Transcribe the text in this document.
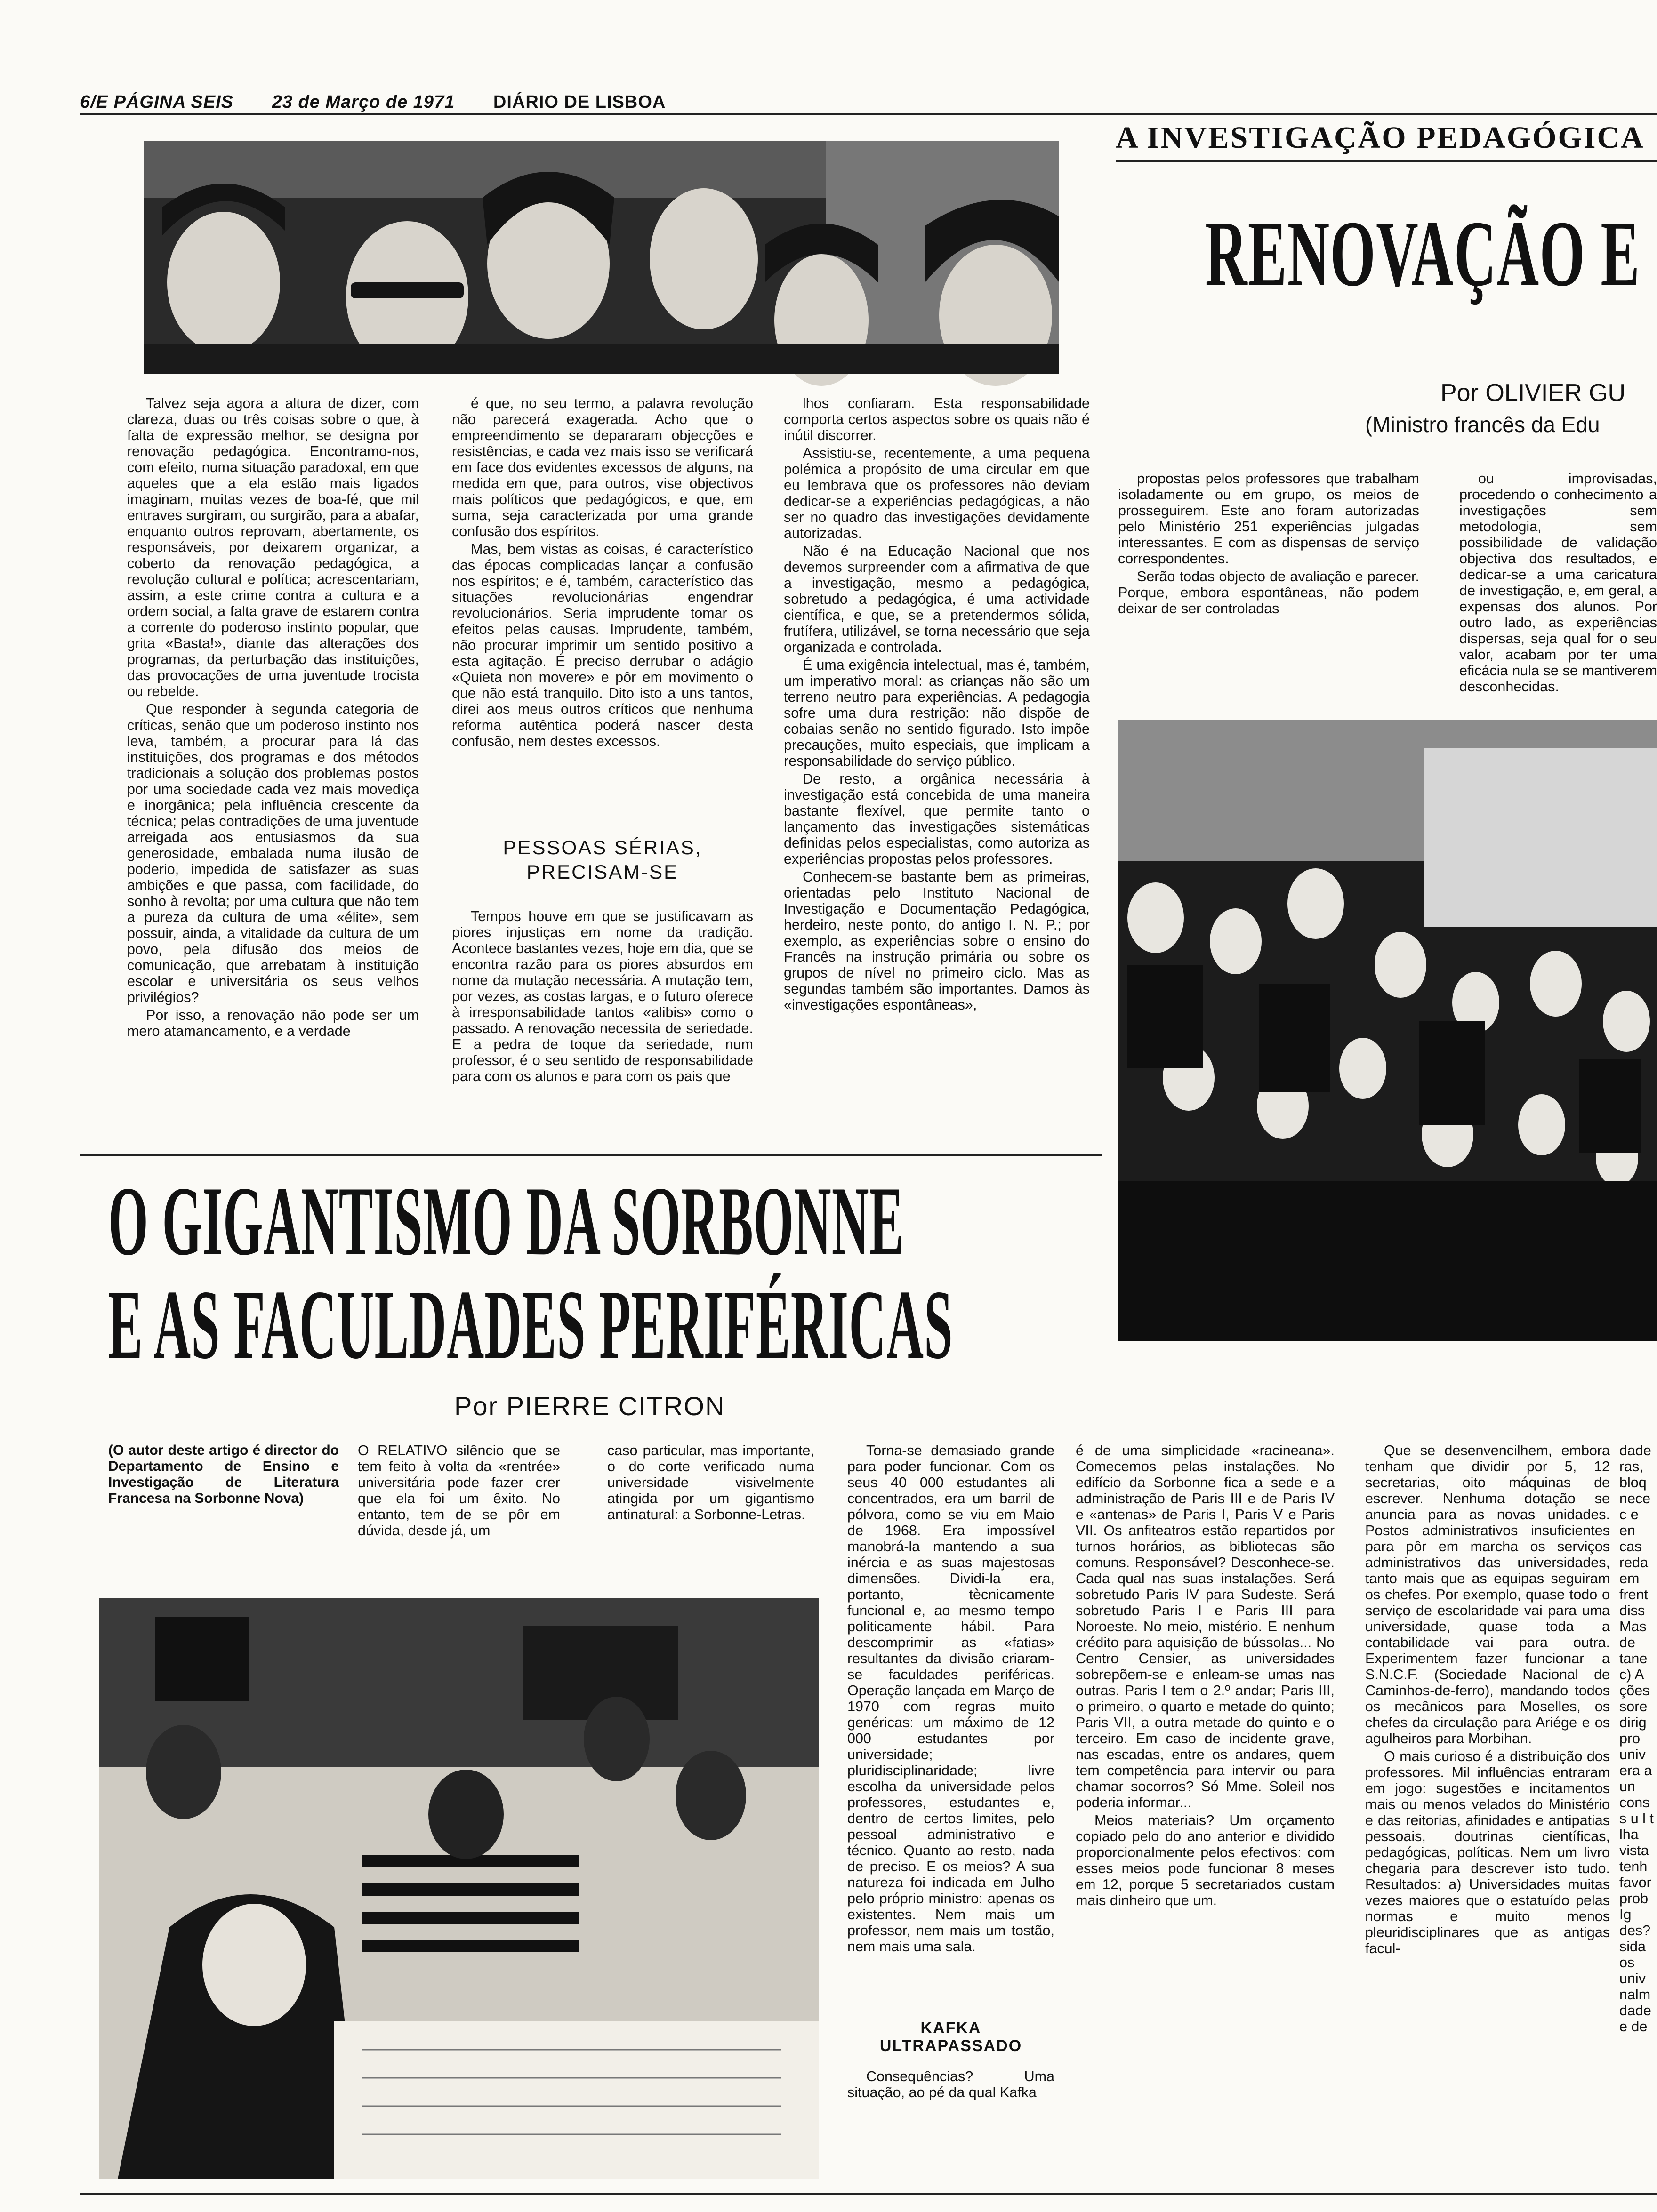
6/E PÁGINA SEIS 23 de Março de 1971 DIÁRIO DE LISBOA

Talvez seja agora a altura de dizer, com clareza, duas ou três coisas sobre o que, à falta de expressão melhor, se designa por renovação pedagógica. Encontramo-nos, com efeito, numa situação paradoxal, em que aqueles que a ela estão mais ligados imaginam, muitas vezes de boa-fé, que mil entraves surgiram, ou surgirão, para a abafar, enquanto outros reprovam, abertamente, os responsáveis, por deixarem organizar, a coberto da renovação pedagógica, a revolução cultural e política; acrescentariam, assim, a este crime contra a cultura e a ordem social, a falta grave de estarem contra a corrente do poderoso instinto popular, que grita «Basta!», diante das alterações dos programas, da perturbação das instituições, das provocações de uma juventude trocista ou rebelde.

Que responder à segunda categoria de críticas, senão que um poderoso instinto nos leva, também, a procurar para lá das instituições, dos programas e dos métodos tradicionais a solução dos problemas postos por uma sociedade cada vez mais movediça e inorgânica; pela influência crescente da técnica; pelas contradições de uma juventude arreigada aos entusiasmos da sua generosidade, embalada numa ilusão de poderio, impedida de satisfazer as suas ambições e que passa, com facilidade, do sonho à revolta; por uma cultura que não tem a pureza da cultura de uma «élite», sem possuir, ainda, a vitalidade da cultura de um povo, pela difusão dos meios de comunicação, que arrebatam à instituição escolar e universitária os seus velhos privilégios?

Por isso, a renovação não pode ser um mero atamancamento, e a verdade

é que, no seu termo, a palavra revolução não parecerá exagerada. Acho que o empreendimento se depararam objecções e resistências, e cada vez mais isso se verificará em face dos evidentes excessos de alguns, na medida em que, para outros, vise objectivos mais políticos que pedagógicos, e que, em suma, seja caracterizada por uma grande confusão dos espíritos.

Mas, bem vistas as coisas, é característico das épocas complicadas lançar a confusão nos espíritos; e é, também, característico das situações revolucionárias engendrar revolucionários. Seria imprudente tomar os efeitos pelas causas. Imprudente, também, não procurar imprimir um sentido positivo a esta agitação. É preciso derrubar o adágio «Quieta non movere» e pôr em movimento o que não está tranquilo. Dito isto a uns tantos, direi aos meus outros críticos que nenhuma reforma autêntica poderá nascer desta confusão, nem destes excessos.

PESSOAS SÉRIAS, PRECISAM-SE

Tempos houve em que se justificavam as piores injustiças em nome da tradição. Acontece bastantes vezes, hoje em dia, que se encontra razão para os piores absurdos em nome da mutação necessária. A mutação tem, por vezes, as costas largas, e o futuro oferece à irresponsabilidade tantos «alibis» como o passado. A renovação necessita de seriedade. E a pedra de toque da seriedade, num professor, é o seu sentido de responsabilidade para com os alunos e para com os pais que

lhos confiaram. Esta responsabilidade comporta certos aspectos sobre os quais não é inútil discorrer.

Assistiu-se, recentemente, a uma pequena polémica a propósito de uma circular em que eu lembrava que os professores não deviam dedicar-se a experiências pedagógicas, a não ser no quadro das investigações devidamente autorizadas.

Não é na Educação Nacional que nos devemos surpreender com a afirmativa de que a investigação, mesmo a pedagógica, sobretudo a pedagógica, é uma actividade científica, e que, se a pretendermos sólida, frutífera, utilizável, se torna necessário que seja organizada e controlada.

É uma exigência intelectual, mas é, também, um imperativo moral: as crianças não são um terreno neutro para experiências. A pedagogia sofre uma dura restrição: não dispõe de cobaias senão no sentido figurado. Isto impõe precauções, muito especiais, que implicam a responsabilidade do serviço público.

De resto, a orgânica necessária à investigação está concebida de uma maneira bastante flexível, que permite tanto o lançamento das investigações sistemáticas definidas pelos especialistas, como autoriza as experiências propostas pelos professores.

Conhecem-se bastante bem as primeiras, orientadas pelo Instituto Nacional de Investigação e Documentação Pedagógica, herdeiro, neste ponto, do antigo I. N. P.; por exemplo, as experiências sobre o ensino do Francês na instrução primária ou sobre os grupos de nível no primeiro ciclo. Mas as segundas também são importantes. Damos às «investigações espontâneas»,

A INVESTIGAÇÃO PEDAGÓGICA
RENOVAÇÃO E
Por OLIVIER GU
(Ministro francês da Edu

propostas pelos professores que trabalham isoladamente ou em grupo, os meios de prosseguirem. Este ano foram autorizadas pelo Ministério 251 experiências julgadas interessantes. E com as dispensas de serviço correspondentes.

Serão todas objecto de avaliação e parecer. Porque, embora espontâneas, não podem deixar de ser controladas

ou improvisadas, procedendo o conhecimento a investigações sem metodologia, sem possibilidade de validação objectiva dos resultados, e dedicar-se a uma caricatura de investigação, e, em geral, a expensas dos alunos. Por outro lado, as experiências dispersas, seja qual for o seu valor, acabam por ter uma eficácia nula se se mantiverem desconhecidas.

O GIGANTISMO DA SORBONNE
E AS FACULDADES PERIFÉRICAS
Por PIERRE CITRON
(O autor deste artigo é director do Departamento de Ensino e Investigação de Literatura Francesa na Sorbonne Nova)

O RELATIVO silêncio que se tem feito à volta da «rentrée» universitária pode fazer crer que ela foi um êxito. No entanto, tem de se pôr em dúvida, desde já, um

caso particular, mas importante, o do corte verificado numa universidade visivelmente atingida por um gigantismo antinatural: a Sorbonne-Letras.

Torna-se demasiado grande para poder funcionar. Com os seus 40 000 estudantes ali concentrados, era um barril de pólvora, como se viu em Maio de 1968. Era impossível manobrá-la mantendo a sua inércia e as suas majestosas dimensões. Dividi-la era, portanto, tècnicamente funcional e, ao mesmo tempo politicamente hábil. Para descomprimir as «fatias» resultantes da divisão criaram-se faculdades periféricas. Operação lançada em Março de 1970 com regras muito genéricas: um máximo de 12 000 estudantes por universidade; pluridisciplinaridade; livre escolha da universidade pelos professores, estudantes e, dentro de certos limites, pelo pessoal administrativo e técnico. Quanto ao resto, nada de preciso. E os meios? A sua natureza foi indicada em Julho pelo próprio ministro: apenas os existentes. Nem mais um professor, nem mais um tostão, nem mais uma sala.

KAFKA ULTRAPASSADO

Consequências? Uma situação, ao pé da qual Kafka

é de uma simplicidade «racineana». Comecemos pelas instalações. No edifício da Sorbonne fica a sede e a administração de Paris III e de Paris IV e «antenas» de Paris I, Paris V e Paris VII. Os anfiteatros estão repartidos por turnos horários, as bibliotecas são comuns. Responsável? Desconhece-se. Cada qual nas suas instalações. Será sobretudo Paris IV para Sudeste. Será sobretudo Paris I e Paris III para Noroeste. No meio, mistério. E nenhum crédito para aquisição de bússolas... No Centro Censier, as universidades sobrepõem-se e enleam-se umas nas outras. Paris I tem o 2.º andar; Paris III, o primeiro, o quarto e metade do quinto; Paris VII, a outra metade do quinto e o terceiro. Em caso de incidente grave, nas escadas, entre os andares, quem tem competência para intervir ou para chamar socorros? Só Mme. Soleil nos poderia informar...

Meios materiais? Um orçamento copiado pelo do ano anterior e dividido proporcionalmente pelos efectivos: com esses meios pode funcionar 8 meses em 12, porque 5 secretariados custam mais dinheiro que um.

Que se desenvencilhem, embora tenham que dividir por 5, 12 secretarias, oito máquinas de escrever. Nenhuma dotação se anuncia para as novas unidades. Postos administrativos insuficientes para pôr em marcha os serviços administrativos das universidades, tanto mais que as equipas seguiram os chefes. Por exemplo, quase todo o serviço de escolaridade vai para uma universidade, quase toda a contabilidade vai para outra. Experimentem fazer funcionar a S.N.C.F. (Sociedade Nacional de Caminhos-de-ferro), mandando todos os mecânicos para Moselles, os chefes da circulação para Ariége e os agulheiros para Morbihan.

O mais curioso é a distribuição dos professores. Mil influências entraram em jogo: sugestões e incitamentos mais ou menos velados do Ministério e das reitorias, afinidades e antipatias pessoais, doutrinas científicas, pedagógicas, políticas. Nem um livro chegaria para descrever isto tudo. Resultados: a) Universidades muitas vezes maiores que o estatuído pelas normas e muito menos pleuridisciplinares que as antigas facul-

dade ras, bloq nece c e en cas reda em frent diss Mas de tane c) A ções sore dirig pro univ era a un cons s u l t lha vista tenh favor prob Ig des? sida os univ nalm dade e de
